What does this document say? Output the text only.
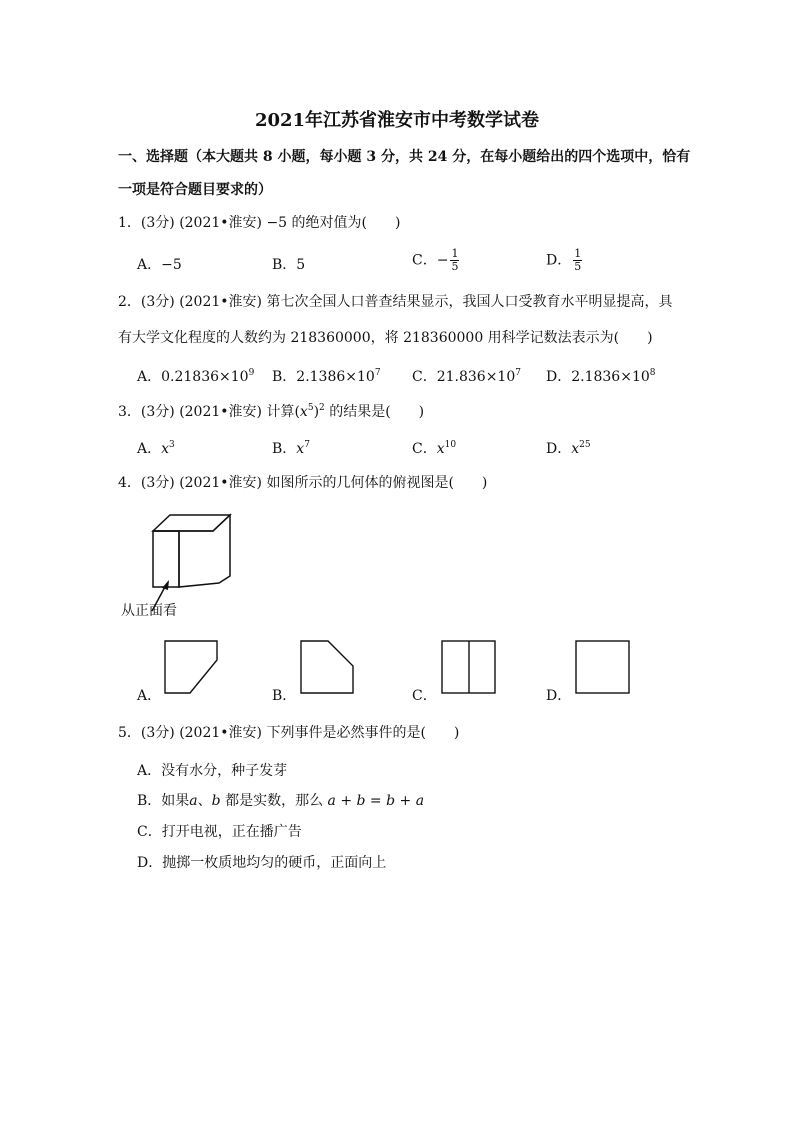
2021年江苏省淮安市中考数学试卷
一、选择题（本大题共 8 小题，每小题 3 分，共 24 分，在每小题给出的四个选项中，恰有
一项是符合题目要求的）
1．(3分) (2021•淮安) −5 的绝对值为(　　)
A．−5	B．5	C．− $\frac{1}{5}$	D． $\frac{1}{5}$
2．(3分) (2021•淮安) 第七次全国人口普查结果显示，我国人口受教育水平明显提高，具
有大学文化程度的人数约为 218360000，将 218360000 用科学记数法表示为(　　)
A．$0.21836\times 10^9$ B．$2.1386\times 10^7$ C．$21.836\times 10^7$ D．$2.1836\times 10^8$
3．(3分) (2021•淮安) 计算$(x^5)^2$ 的结果是(　　)
A．$x^3$	B．$x^7$	C．$x^{10}$	D．$x^{25}$
4．(3分) (2021•淮安) 如图所示的几何体的俯视图是(　　)
从正面看
A．	B．	C．	D．
5．(3分) (2021•淮安) 下列事件是必然事件的是(　　)
A．没有水分，种子发芽
B．如果a、b 都是实数，那么 a + b = b + a
C．打开电视，正在播广告
D．抛掷一枚质地均匀的硬币，正面向上
